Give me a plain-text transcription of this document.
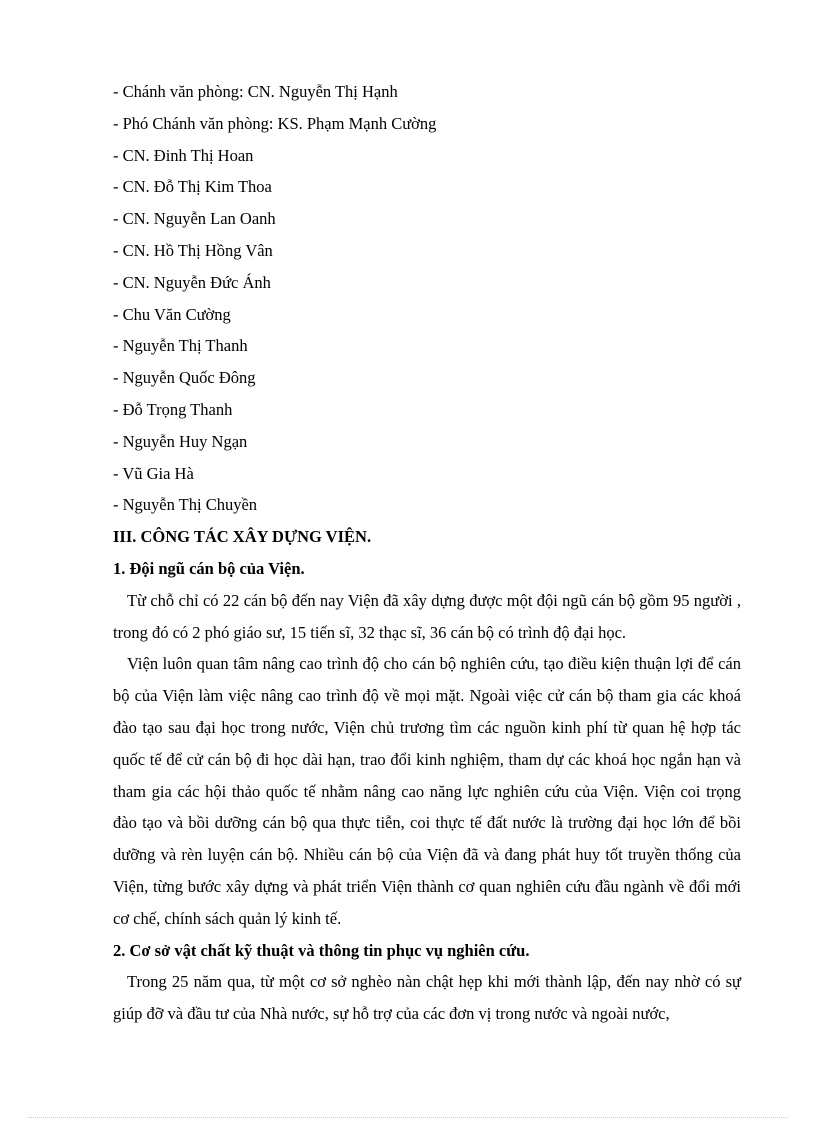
- Chánh văn phòng: CN. Nguyễn Thị Hạnh
- Phó Chánh văn phòng: KS. Phạm Mạnh Cường
- CN. Đinh Thị Hoan
- CN. Đỗ Thị Kim Thoa
- CN. Nguyễn Lan Oanh
- CN. Hồ Thị Hồng Vân
- CN. Nguyễn Đức Ánh
- Chu Văn Cường
- Nguyễn Thị Thanh
- Nguyễn Quốc Đông
- Đỗ Trọng Thanh
- Nguyễn Huy Ngạn
- Vũ Gia Hà
- Nguyễn Thị Chuyền
III. CÔNG TÁC XÂY DỰNG VIỆN.
1. Đội ngũ cán bộ của Viện.

Từ chỗ chỉ có 22 cán bộ đến nay Viện đã xây dựng được một đội ngũ cán bộ gồm 95 người , trong đó có 2 phó giáo sư, 15 tiến sĩ, 32 thạc sĩ, 36 cán bộ có trình độ đại học.

Viện luôn quan tâm nâng cao trình độ cho cán bộ nghiên cứu, tạo điều kiện thuận lợi để cán bộ của Viện làm việc nâng cao trình độ về mọi mặt. Ngoài việc cử cán bộ tham gia các khoá đào tạo sau đại học trong nước, Viện chủ trương tìm các nguồn kinh phí từ quan hệ hợp tác quốc tế để cử cán bộ đi học dài hạn, trao đổi kinh nghiệm, tham dự các khoá học ngắn hạn và tham gia các hội thảo quốc tế nhằm nâng cao năng lực nghiên cứu của Viện. Viện coi trọng đào tạo và bồi dưỡng cán bộ qua thực tiễn, coi thực tế đất nước là trường đại học lớn để bồi dưỡng và rèn luyện cán bộ. Nhiều cán bộ của Viện đã và đang phát huy tốt truyền thống của Viện, từng bước xây dựng và phát triển Viện thành cơ quan nghiên cứu đầu ngành về đổi mới cơ chế, chính sách quản lý kinh tế.

2. Cơ sở vật chất kỹ thuật và thông tin phục vụ nghiên cứu.

Trong 25 năm qua, từ một cơ sở nghèo nàn chật hẹp khi mới thành lập, đến nay nhờ có sự giúp đỡ và đầu tư của Nhà nước, sự hỗ trợ của các đơn vị trong nước và ngoài nước,
